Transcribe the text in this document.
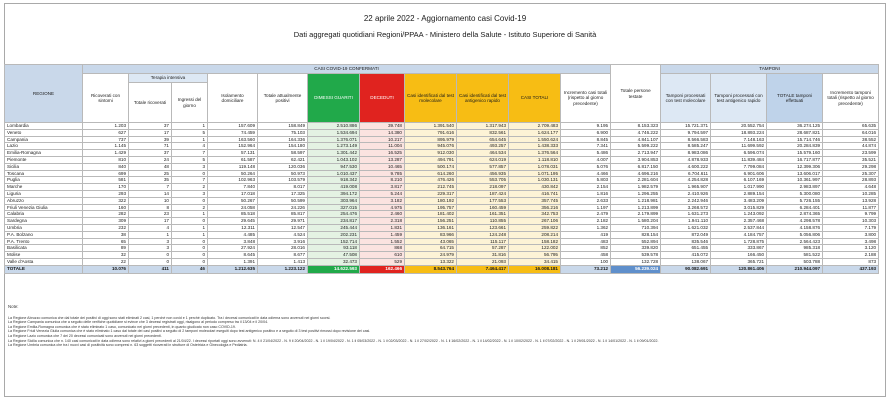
22 aprile 2022 - Aggiornamento casi Covid-19
Dati aggregati quotidiani Regioni/PPAA - Ministero della Salute - Istituto Superiore di Sanità
REGIONE	CASI COVID-19 CONFERMATI											Totale persone testate	TAMPONI			
	Ricoverati con sintomi	Terapia intensiva		Isolamento domiciliare	Totale attualmente positivi	DIMESSI GUARITI	DECEDUTI	Casi identificati dal test molecolare	Casi identificati dal test antigenico rapido	CASI TOTALI	Incremento casi totali (rispetto al giorno precedente)		Tamponi processati con test molecolare	Tamponi processati con test antigenico rapido	TOTALE tamponi effettuati	Incremento tamponi totali (rispetto al giorno precedente)
		Totale ricoverati	Ingressi del giorno													
Lombardia	1.203	37	1	157.609	158.849	2.510.886	39.748	1.391.540	1.317.943	2.709.483	9.195	8.153.323	15.721.371	20.552.754	36.274.125	65.635
Veneto	627	17	5	74.459	75.103	1.534.694	14.380	791.616	832.561	1.624.177	6.900	4.746.222	9.794.597	18.893.224	28.687.821	64.016
Campania	737	39	1	163.560	164.336	1.376.071	10.217	895.979	654.645	1.550.624	8.845	4.841.107	8.566.583	7.148.163	15.714.746	38.552
Lazio	1.145	71	4	152.964	154.180	1.273.149	11.004	945.076	493.257	1.438.333	7.341	5.599.222	8.585.247	11.699.592	20.284.839	44.874
Emilia-Romagna	1.429	37	7	57.131	58.597	1.301.442	16.525	912.030	464.534	1.376.564	5.486	2.713.947	8.983.086	6.596.074	15.579.160	23.599
Piemonte	810	24	5	61.587	62.421	1.043.102	13.287	494.791	624.019	1.118.810	4.007	3.904.853	4.878.933	11.839.484	16.717.877	35.521
Sicilia	840	48	3	119.148	120.036	947.530	10.465	500.174	577.857	1.078.031	5.076	6.817.150	4.600.222	7.799.084	12.399.306	29.298
Toscana	699	25	0	50.264	50.973	1.010.437	9.785	614.260	456.935	1.071.195	4.466	4.696.216	6.704.611	6.901.606	13.606.017	25.307
Puglia	581	35	7	102.963	103.579	918.342	8.210	476.426	553.705	1.030.131	5.803	2.281.604	4.254.828	6.107.169	10.361.997	28.893
Marche	170	7	2	7.840	8.017	419.008	3.817	212.745	218.097	430.842	2.154	1.982.579	1.965.907	1.017.990	2.983.897	4.648
Liguria	293	14	3	17.018	17.325	394.172	5.244	229.317	187.424	416.741	1.816	1.296.255	2.410.926	2.889.154	5.300.080	10.285
Abruzzo	322	10	0	50.267	50.599	303.964	3.182	180.192	177.553	357.745	2.633	1.218.981	2.242.946	3.483.209	5.726.155	13.928
Friuli Venezia Giulia	160	8	2	24.058	24.226	327.015	4.975	195.757	160.459	356.216	1.197	1.213.899	3.268.572	3.015.829	6.284.401	11.877
Calabria	282	23	1	85.518	85.817	254.476	2.460	181.402	161.351	342.753	2.479	2.179.899	1.631.273	1.243.092	2.874.365	9.799
Sardegna	309	17	0	29.645	29.971	234.817	2.318	156.251	110.855	267.106	2.182	1.580.204	1.941.110	2.357.468	4.298.578	10.303
Umbria	232	4	1	12.311	12.547	245.444	1.831	136.161	123.661	259.822	1.362	710.394	1.621.032	2.537.844	4.158.876	7.179
P.A. Bolzano	38	1	1	4.485	4.524	202.231	1.459	83.966	124.248	208.214	419	828.154	872.049	4.184.757	5.056.806	3.800
P.A. Trento	65	3	0	3.848	3.916	152.714	1.552	43.065	115.117	158.182	483	552.894	835.546	1.728.875	2.564.423	3.498
Basilicata	89	3	0	27.924	28.016	93.118	868	64.715	57.287	122.002	852	339.820	651.455	333.867	985.318	3.120
Molise	32	0	0	8.645	8.677	47.508	610	24.979	31.816	56.795	458	539.578	415.072	166.450	581.522	2.188
Valle d'Aosta	22	0	0	1.391	1.413	32.473	529	13.322	21.093	34.415	100	132.728	138.067	365.721	503.788	873
TOTALE	10.076	411	46	1.212.635	1.223.122	14.622.593	162.466	8.543.764	7.464.417	16.008.181	73.212	56.239.024	90.082.691	120.861.406	210.944.097	437.193
Note:
La Regione Abruzzo comunica che dal totale dei positivi di oggi sono stati eliminati 2 casi, 1 perché non covid e 1 perché duplicato. Tra i decessi comunicati in data odierna sono avvenuti nei giorni scorsi.
La Regione Campania comunica che a seguito delle verifiche quotidiane si evince che 3 decessi registrati oggi, risalgono al periodo compreso tra il 13/04 e il 20/04.
La Regione Emilia-Romagna comunica che è stato eliminato 1 caso, comunicato nei giorni precedenti, in quanto giudicato non caso COVID-19.
La Regione Friuli Venezia Giulia comunica che è stato eliminato 1 caso dal totale dei casi positivi a seguito di 2 tamponi molecolari eseguiti dopo test antigenico positivo e a seguito di 3 test positivi rimossi dopo revisione dei casi.
La Regione Lazio comunica che 7 dei 20 decessi comunicati sono avvenuti nei giorni precedenti.
La Regione Sicilia comunica che n. 140 casi comunicati in data odierna sono relativi a giorni precedenti al 21/04/22. I decessi riportati oggi sono avvenuti: N. 4 il 21/04/2022 - N. 9 il 20/04/2022 - N. 1 il 19/04/2022 - N. 1 il 05/03/2022 - N. 1 il 02/03/2022 - N. 1 il 27/02/2022 - N. 1 il 16/02/2022 - N. 1 il 14/02/2022 - N. 1 il 10/02/2022 - N. 1 il 07/02/2022 - N. 1 il 29/01/2022 - N. 1 il 14/01/2022 - N. 1 il 09/01/2022.
La Regione Umbria comunica che tra i nuovi casi di positività sono compresi n. 63 soggetti ricoverati in strutture di Ostetricia e Ginecologia e Pediatria.
